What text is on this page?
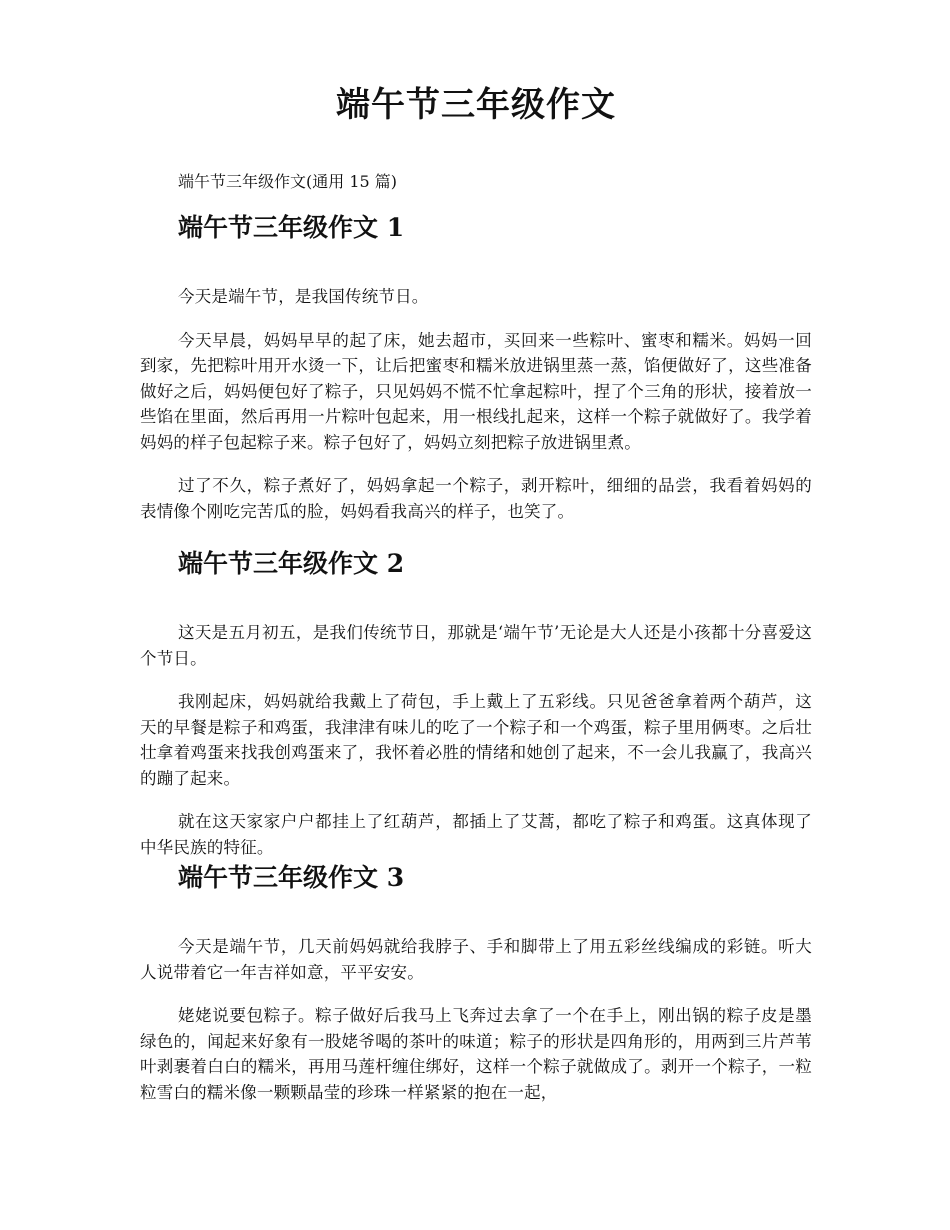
端午节三年级作文

端午节三年级作文(通用 15 篇)

端午节三年级作文 1

今天是端午节，是我国传统节日。

今天早晨，妈妈早早的起了床，她去超市，买回来一些粽叶、蜜枣和糯米。妈妈一回到家，先把粽叶用开水烫一下，让后把蜜枣和糯米放进锅里蒸一蒸，馅便做好了，这些准备做好之后，妈妈便包好了粽子，只见妈妈不慌不忙拿起粽叶，捏了个三角的形状，接着放一些馅在里面，然后再用一片粽叶包起来，用一根线扎起来，这样一个粽子就做好了。我学着妈妈的样子包起粽子来。粽子包好了，妈妈立刻把粽子放进锅里煮。

过了不久，粽子煮好了，妈妈拿起一个粽子，剥开粽叶，细细的品尝，我看着妈妈的表情像个刚吃完苦瓜的脸，妈妈看我高兴的样子，也笑了。

端午节三年级作文 2

这天是五月初五，是我们传统节日，那就是‘端午节’无论是大人还是小孩都十分喜爱这个节日。

我刚起床，妈妈就给我戴上了荷包，手上戴上了五彩线。只见爸爸拿着两个葫芦，这天的早餐是粽子和鸡蛋，我津津有味儿的吃了一个粽子和一个鸡蛋，粽子里用俩枣。之后壮壮拿着鸡蛋来找我创鸡蛋来了，我怀着必胜的情绪和她创了起来，不一会儿我赢了，我高兴的蹦了起来。

就在这天家家户户都挂上了红葫芦，都插上了艾蒿，都吃了粽子和鸡蛋。这真体现了中华民族的特征。

端午节三年级作文 3

今天是端午节，几天前妈妈就给我脖子、手和脚带上了用五彩丝线编成的彩链。听大人说带着它一年吉祥如意，平平安安。

姥姥说要包粽子。粽子做好后我马上飞奔过去拿了一个在手上，刚出锅的粽子皮是墨绿色的，闻起来好象有一股姥爷喝的茶叶的味道；粽子的形状是四角形的，用两到三片芦苇叶剥裹着白白的糯米，再用马莲杆缠住绑好，这样一个粽子就做成了。剥开一个粽子，一粒粒雪白的糯米像一颗颗晶莹的珍珠一样紧紧的抱在一起，
